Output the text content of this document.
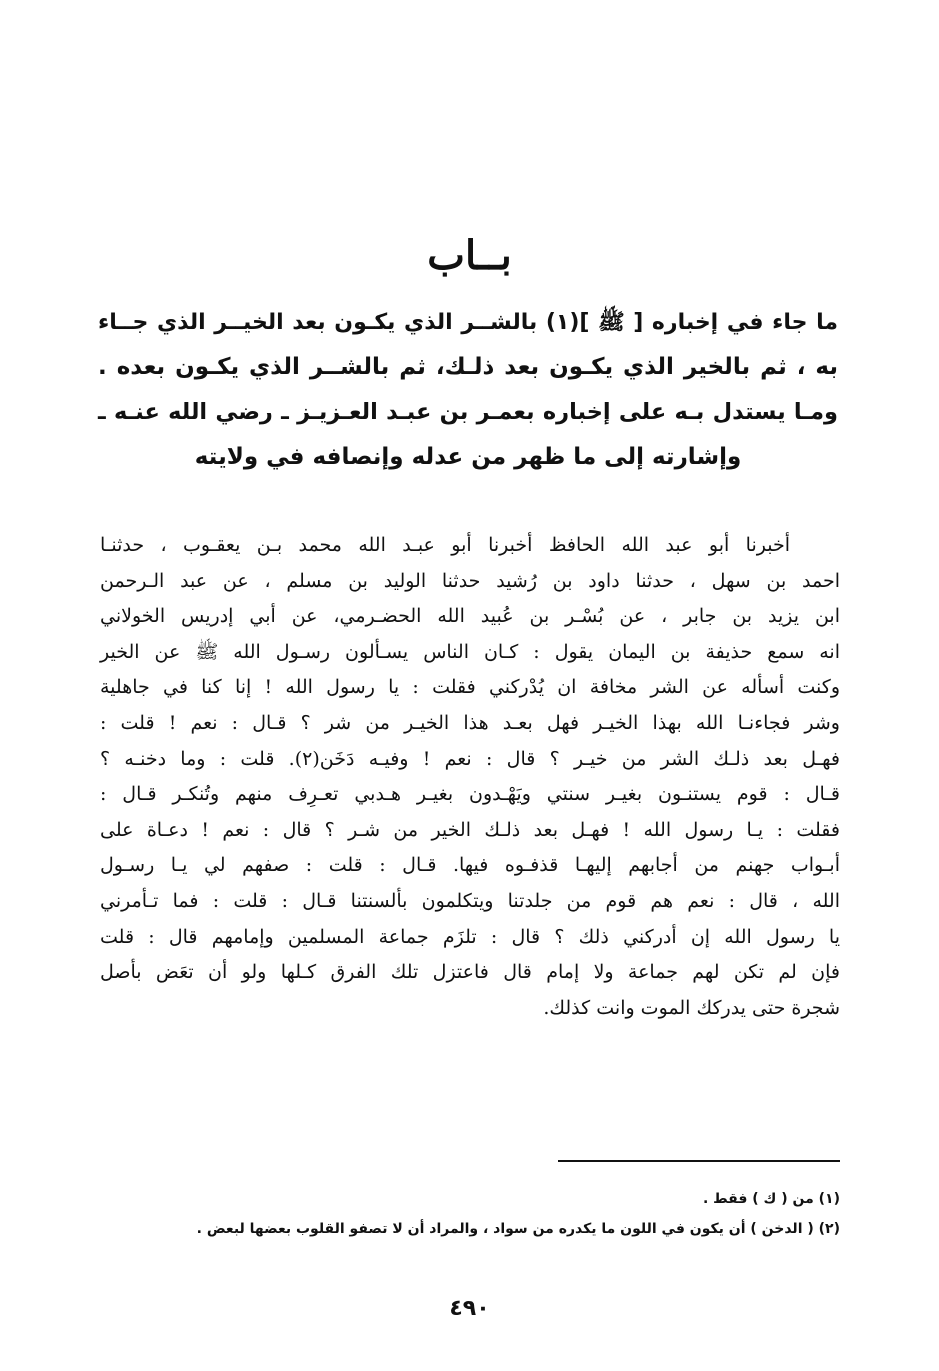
بــاب
ما جاء في إخباره [ ﷺ ](١) بالشــر الذي يكـون بعد الخيــر الذي جــاء
به ، ثم بالخير الذي يكـون بعد ذلـك، ثم بالشــر الذي يكـون بعده .
ومـا يستدل بـه على إخباره بعمـر بن عبـد العـزيـز ـ رضي الله عنـه ـ
وإشارته إلى ما ظهر من عدله وإنصافه في ولايته
أخبرنا أبو عبد الله الحافظ أخبرنا أبو عبـد الله محمد بـن يعقـوب ، حدثنـا
احمد بن سهل ، حدثنا داود بن رُشيد حدثنا الوليد بن مسلم ، عن عبد الـرحمن
ابن يزيد بن جابر ، عن بُسْـر بن عُبيد الله الحضـرمي، عن أبي إدريس الخولاني
انه سمع حذيفة بن اليمان يقول : كـان الناس يسـألون رسـول الله ﷺ عن الخير
وكنت أسأله عن الشر مخافة ان يُدْركني فقلت : يا رسول الله ! إنا كنا في جاهلية
وشر فجاءنـا الله بهذا الخيـر فهل بعـد هذا الخيـر من شر ؟ قـال : نعم ! قلت :
فهـل بعد ذلـك الشر من خيـر ؟ قال : نعم ! وفيـه دَخَن(٢). قلت : وما دخنـه ؟
قـال : قوم يستنـون بغيـر سنتي ويَهْـدون بغيـر هـدبي تعـرِف منهم وتُنكـر قـال :
فقلت : يـا رسول الله ! فهـل بعد ذلـك الخير من شـر ؟ قال : نعم ! دعـاة على
أبـواب جهنم من أجابهم إليهـا قذفـوه فيها. قـال : قلت : صفهم لي يـا رسـول
الله ، قال : نعم هم قوم من جلدتنا ويتكلمون بألسنتنا قـال : قلت : فما تـأمرني
يا رسول الله إن أدركني ذلك ؟ قال : تلزَم جماعة المسلمين وإمامهم قال : قلت
فإن لم تكن لهم جماعة ولا إمام قال فاعتزل تلك الفرق كـلها ولو أن تعَض بأصل
شجرة حتى يدركك الموت وانت كذلك.
(١) من ( ك ) فقط .
(٢) ( الدخن ) أن يكون في اللون ما يكدره من سواد ، والمراد أن لا تصفو القلوب بعضها لبعض .
٤٩٠
